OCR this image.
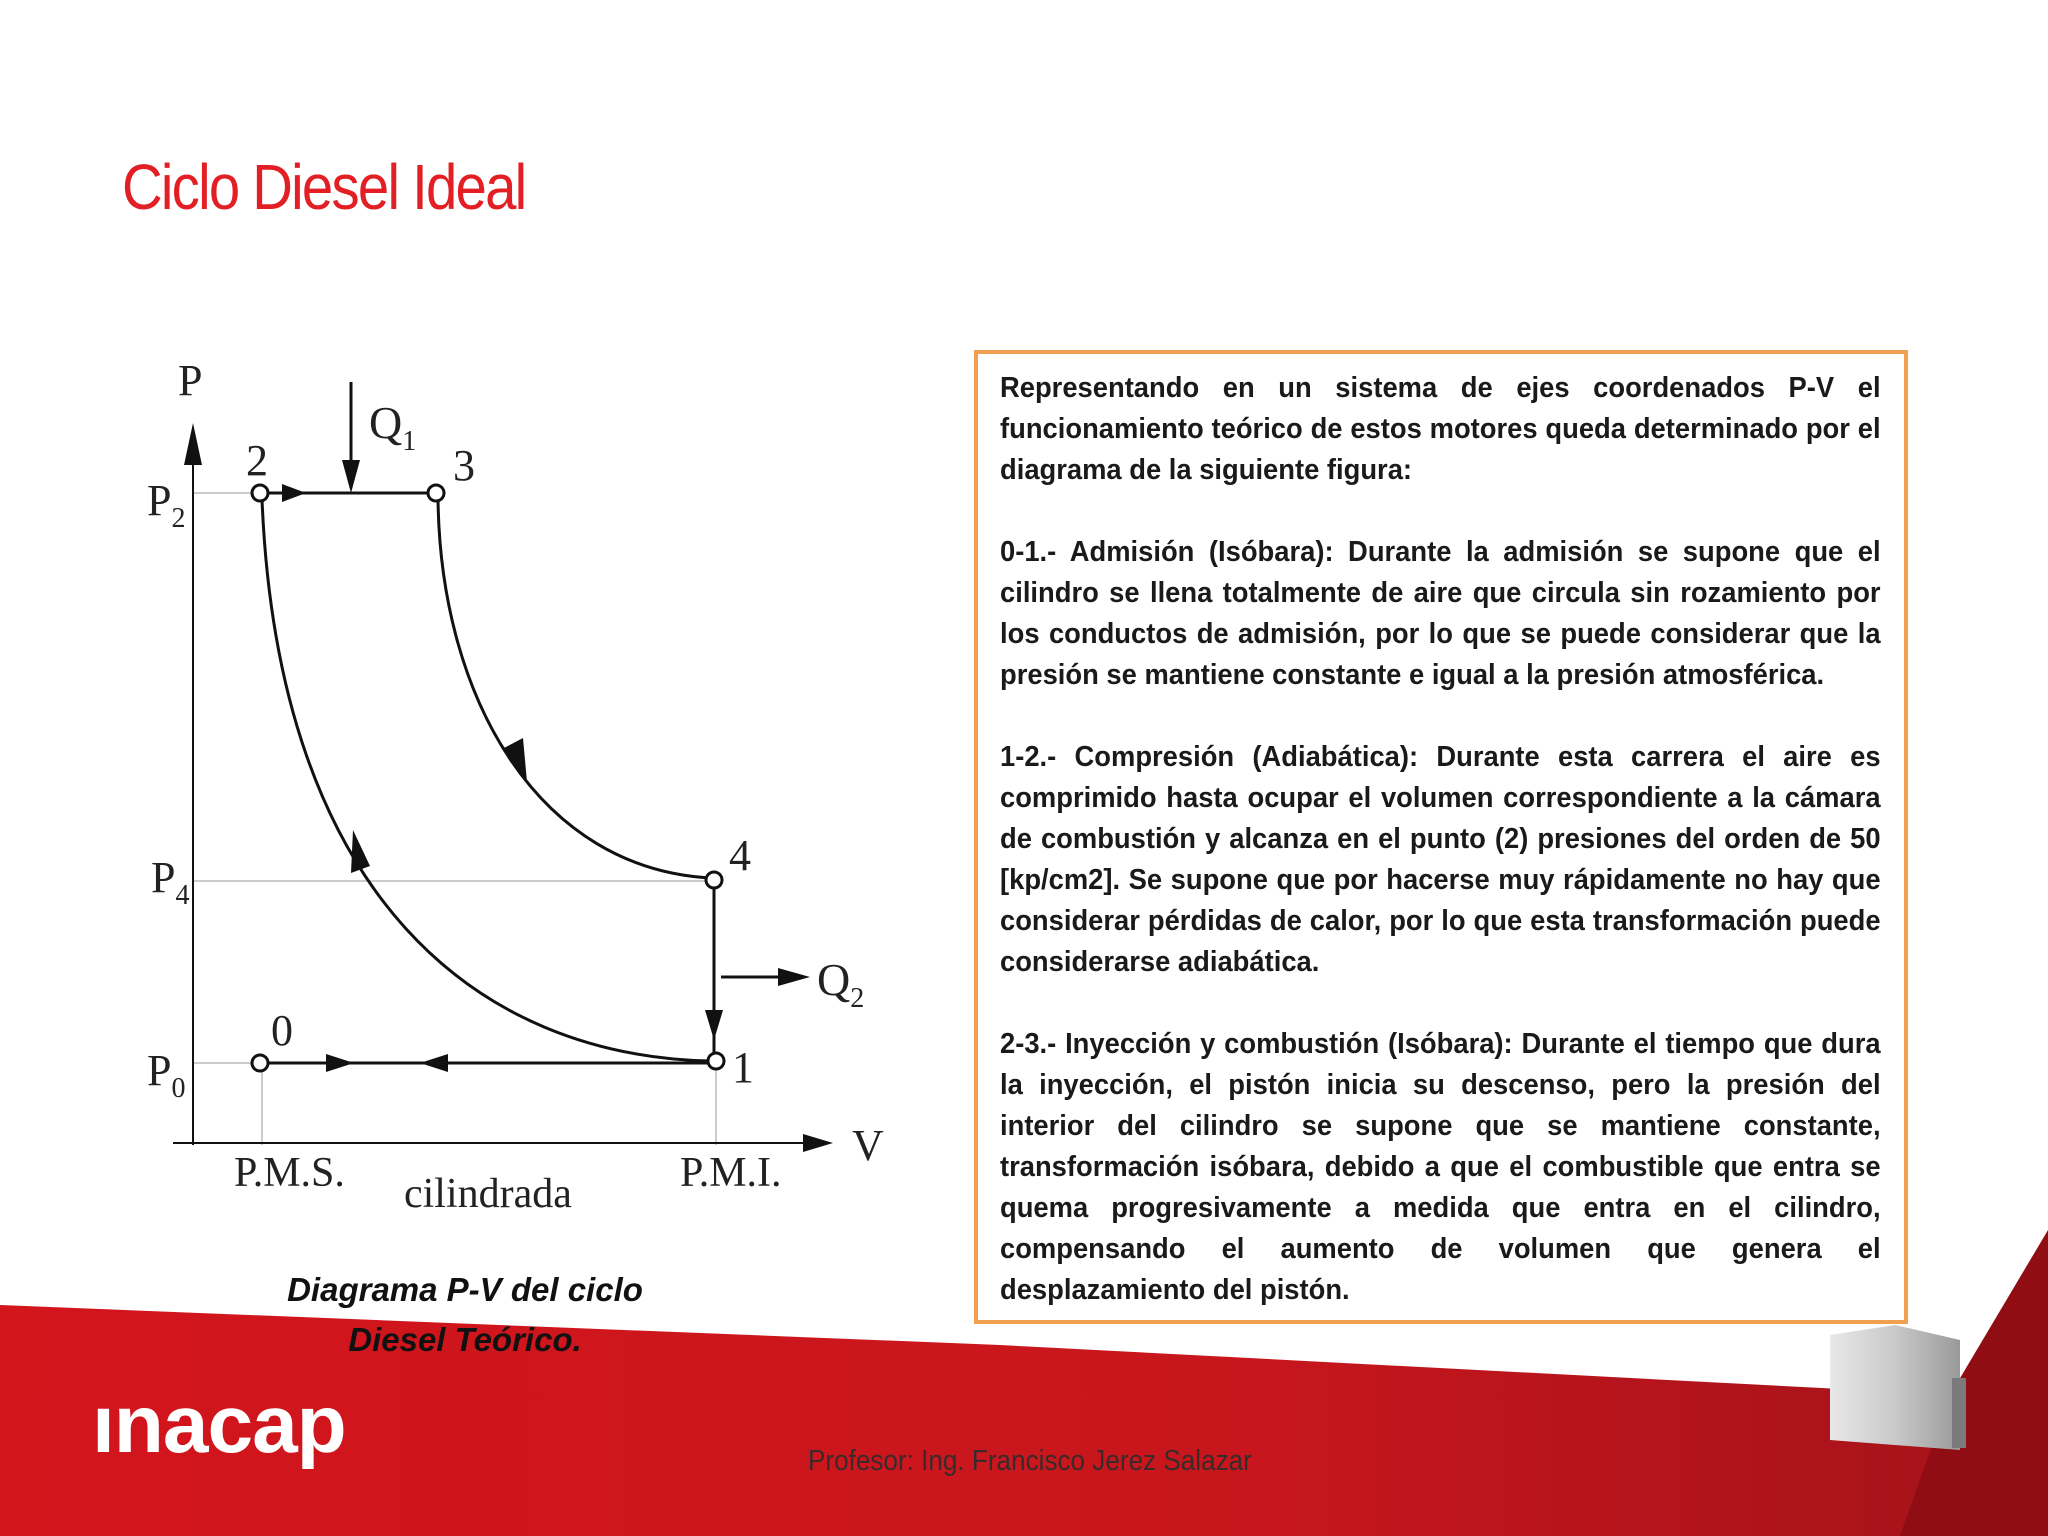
Ciclo Diesel Ideal
P
V
$P_2$
$P_4$
$P_0$
2	3
4
1
0
$Q_1$
$Q_2$
P.M.S.	P.M.I.
cilindrada
Diagrama P-V del ciclo
Diesel Teórico.

Representando en un sistema de ejes coordenados P-V el funcionamiento teórico de estos motores queda determinado por el diagrama de la siguiente figura:

0-1.- Admisión (Isóbara): Durante la admisión se supone que el cilindro se llena totalmente de aire que circula sin rozamiento por los conductos de admisión, por lo que se puede considerar que la presión se mantiene constante e igual a la presión atmosférica.

1-2.- Compresión (Adiabática): Durante esta carrera el aire es comprimido hasta ocupar el volumen correspondiente a la cámara de combustión y alcanza en el punto (2) presiones del orden de 50 [kp/cm2]. Se supone que por hacerse muy rápidamente no hay que considerar pérdidas de calor, por lo que esta transformación puede considerarse adiabática.

2-3.- Inyección y combustión (Isóbara): Durante el tiempo que dura la inyección, el pistón inicia su descenso, pero la presión del interior del cilindro se supone que se mantiene constante, transformación isóbara, debido a que el combustible que entra se quema progresivamente a medida que entra en el cilindro, compensando el aumento de volumen que genera el desplazamiento del pistón.

ınacap	Profesor: Ing. Francisco Jerez Salazar
